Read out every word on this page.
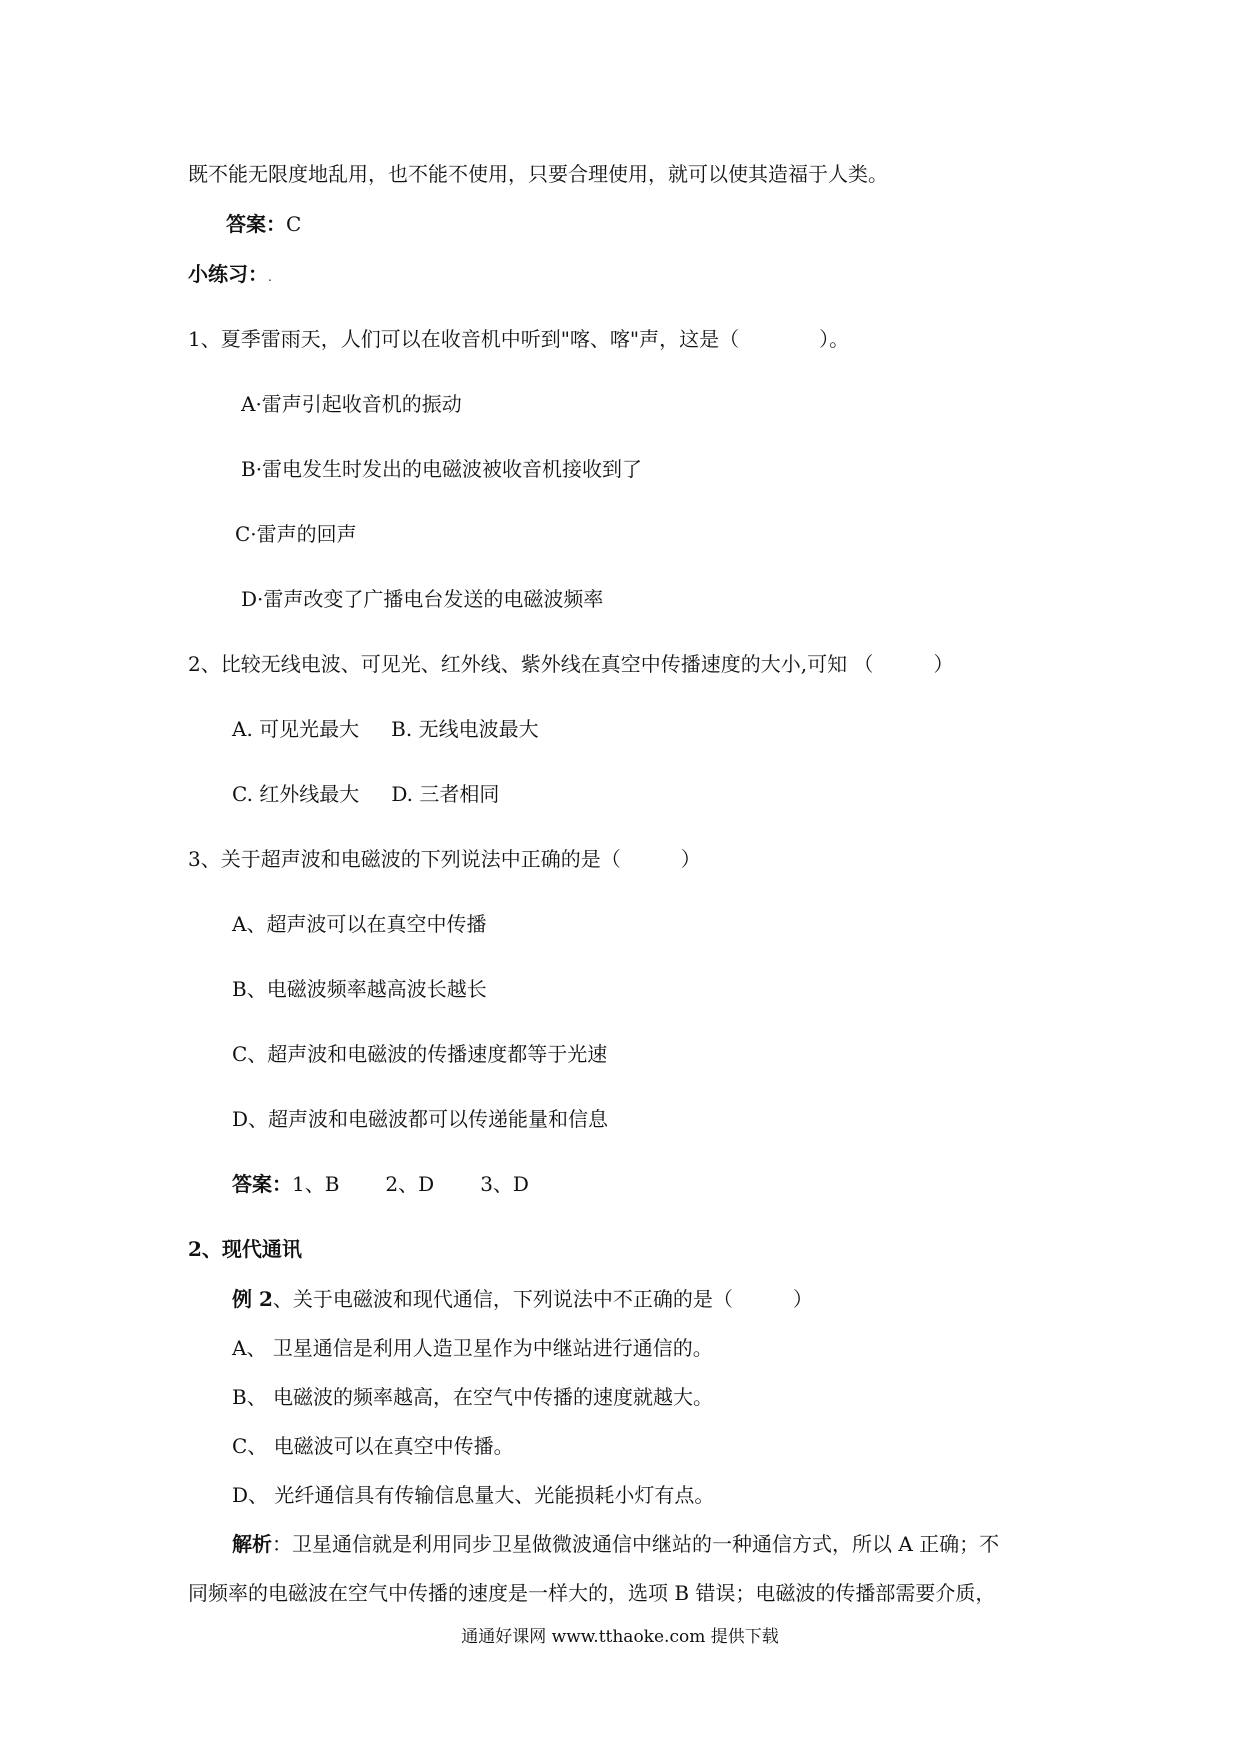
既不能无限度地乱用，也不能不使用，只要合理使用，就可以使其造福于人类。
答案：C
小练习：.
1、夏季雷雨天，人们可以在收音机中听到"喀、喀"声，这是（　　　　）。
A·雷声引起收音机的振动
B·雷电发生时发出的电磁波被收音机接收到了
C·雷声的回声
D·雷声改变了广播电台发送的电磁波频率
2、比较无线电波、可见光、红外线、紫外线在真空中传播速度的大小,可知 （　　　）
A. 可见光最大 B. 无线电波最大
C. 红外线最大 D. 三者相同
3、关于超声波和电磁波的下列说法中正确的是（　　　）
A、超声波可以在真空中传播
B、电磁波频率越高波长越长
C、超声波和电磁波的传播速度都等于光速
D、超声波和电磁波都可以传递能量和信息
答案：1、B 2、D 3、D
2、现代通讯
例 2、关于电磁波和现代通信，下列说法中不正确的是（　　　）
A、 卫星通信是利用人造卫星作为中继站进行通信的。
B、 电磁波的频率越高，在空气中传播的速度就越大。
C、 电磁波可以在真空中传播。
D、 光纤通信具有传输信息量大、光能损耗小灯有点。
解析：卫星通信就是利用同步卫星做微波通信中继站的一种通信方式，所以 A 正确；不
同频率的电磁波在空气中传播的速度是一样大的，选项 B 错误；电磁波的传播部需要介质，
通通好课网 www.tthaoke.com 提供下载
